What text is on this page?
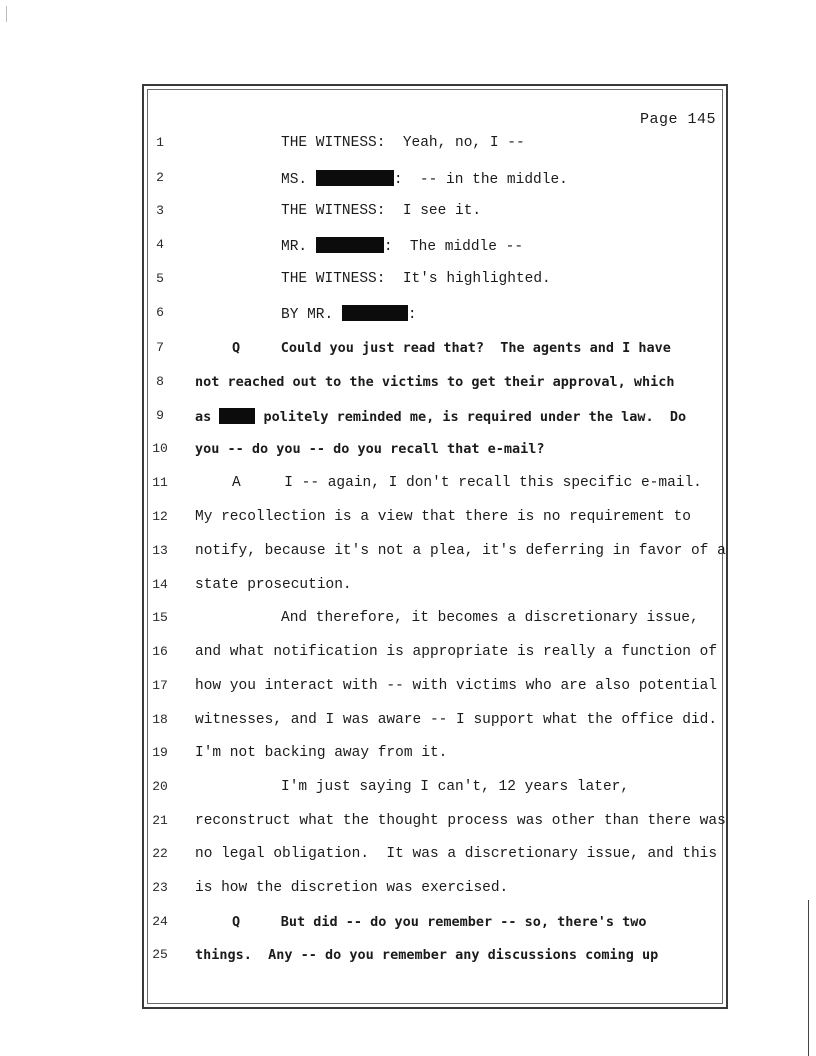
Page 145
1	THE WITNESS:  Yeah, no, I --
2	MS.	:  -- in the middle.
3	THE WITNESS:  I see it.
4	MR.	:  The middle --
5	THE WITNESS:  It's highlighted.
6	BY MR.	:
7	Q     Could you just read that?  The agents and I have
8	not reached out to the victims to get their approval, which
9	as	politely reminded me, is required under the law.  Do
10 you -- do you -- do you recall that e-mail?
11	A     I -- again, I don't recall this specific e-mail.
12 My recollection is a view that there is no requirement to
13 notify, because it's not a plea, it's deferring in favor of a
14 state prosecution.
15	And therefore, it becomes a discretionary issue,
16 and what notification is appropriate is really a function of
17 how you interact with -- with victims who are also potential
18 witnesses, and I was aware -- I support what the office did.
19 I'm not backing away from it.
20	I'm just saying I can't, 12 years later,
21 reconstruct what the thought process was other than there was
22 no legal obligation.  It was a discretionary issue, and this
23 is how the discretion was exercised.
24	Q     But did -- do you remember -- so, there's two
25 things.  Any -- do you remember any discussions coming up
